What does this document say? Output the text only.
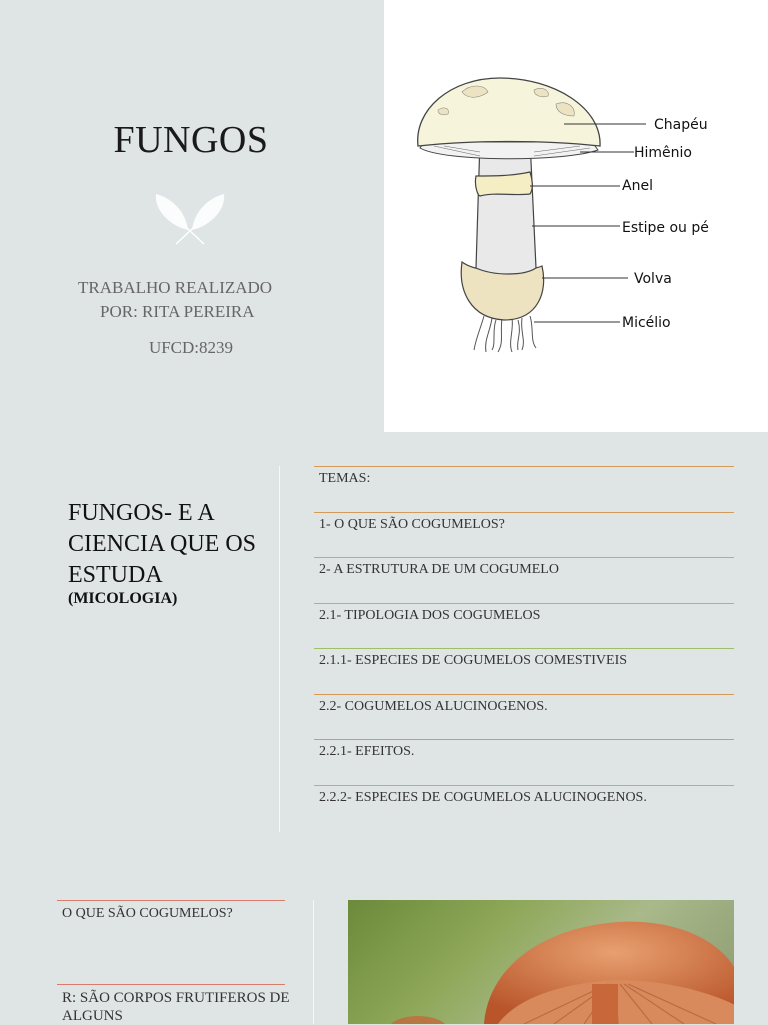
FUNGOS
TRABALHO REALIZADO
POR: RITA PEREIRA
UFCD:8239
Chapéu
Himênio
Anel
Estipe ou pé
Volva
Micélio
FUNGOS- E A CIENCIA QUE OS ESTUDA
(MICOLOGIA)
TEMAS:
1- O QUE SÃO COGUMELOS?
2- A ESTRUTURA DE UM COGUMELO
2.1- TIPOLOGIA DOS COGUMELOS
2.1.1- ESPECIES DE COGUMELOS COMESTIVEIS
2.2- COGUMELOS ALUCINOGENOS.
2.2.1- EFEITOS.
2.2.2- ESPECIES DE COGUMELOS ALUCINOGENOS.
O QUE SÃO COGUMELOS?
R: SÃO CORPOS FRUTIFEROS DE ALGUNS
